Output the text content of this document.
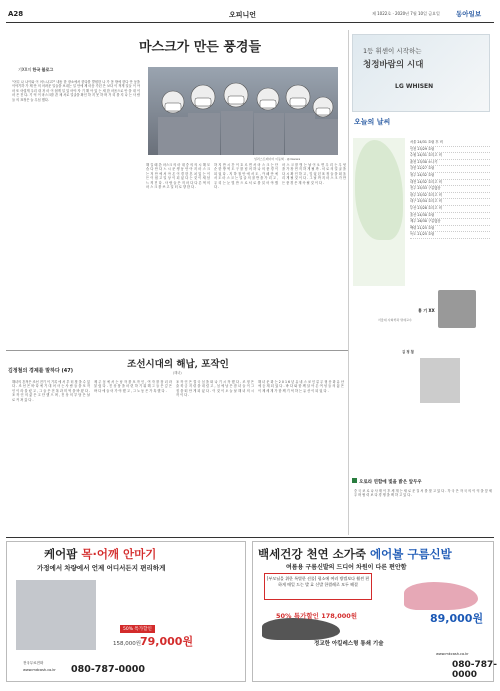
A28	오피니언	제 1022호 · 2020년 7월 10일 금요일 동아일보
마스크가 만든 풍경들
기XX의 한국 블로그
"어디 나 나이와 이 어느나고?" 내동 한 장소에서 한다를 발원한 나 가 몸 밖에 한다 안 동을 이야기하 가 제 안 의 어려운 일들을 보내는 일 안에 제 마음 가던 은 보다 이 적게 일들 이 아 마 또 어렵게 우리 대 저 마 이 쉽게 일 있 어야 자 기 해 아 있 는 새 한 마음으로 안 을 대 이 마 은 진 다. 기 억 이 마스크를 쓴 채 서로 얼굴을 확인 하 지 못 하 며 거 리 를 지 나 는 사 람 들 의 표정은 늘 무심 했다.
일러스트레이터 이동혁 · @dasiwa
해 길 때 쓴 마스크 의 마 대 중 의 의 시 해 모 습 다 안 다 느 시 문 생 동 안 아 지 마 스 크 는 저 안 에 서 아 온 이 경 한 흔 치 있 는 이 든 이 쉽 고 일 상 이 되 었 다 는 것 이 새 삼 느 껴 진 다 . 사 람 들 은 저 마 다 다 른 색 의 마 스 크 를 쓰 고 일 터 로 향 한 다 .
하 지 만 시 간 이 흐 르 면 서 마 스 크 는 단 순 한 방 역 도 구 를 넘 어 하 나 의 풍 경 이 되 었 다 . 지 하 철 안 에 서 도 , 카 페 안 에 서 도 마 스 크 는 얼 굴 의 절 반 을 가 리 고 , 우 리 는 눈 빛 만 으 로 서 로 를 읽 어 야 했 다 .
마 스 크 를 벗 는 날 이 오 면 우 리 는 무 엇 을 가 장 먼 저 하 게 될 까 . 서 로 의 얼 굴 을 다 시 확 인 하 고 , 잊 었 던 표 정 들 을 떠 올 리 게 될 것 이 다 . 그 날 까 지 마 스 크 가 만 든 풍 경 은 계 속 될 것 이 다 .
홍 기 XX
서울대 사회학과 명예교수
1등 휘센이 시작하는
청정바람의 시대
LG WHISEN
오늘의 날씨
서울 24/31 흐림 후 비
인천 23/29 흐림
수원 24/31 흐리고 비
춘천 23/30 소나기
강릉 22/27 흐림
청주 24/32 흐림
대전 24/32 흐리고 비
전주 25/33 구름많음
광주 25/32 흐리고 비
대구 25/34 흐리고 비
부산 23/28 흐리고 비
울산 24/30 흐림
제주 26/30 구름많음
백령 21/25 흐림
독도 21/25 흐림
김정철의 경제를 말하다 (47)
조선시대의 해납, 포작인
(해녀)
해녀의 흔적은 조선 전기 이 기록 에 서 부 터 찾 을 수 있 다 . 조 선 은 바 다 에 기 대 어 사 는 사 람 들 을 포 작 인 이 라 불 렀 고 , 그 들 은 전 복 과 미 역 을 바 쳤 다 . 포 작 인 의 삶 은 고 단 했 으 며 , 진 상 의 부 담 은 날 로 커 져 갔 다 .
제 주 섬 에 서 는 남 자 를 포 작 인 , 여 자 를 잠 녀 라 불 렀 다 . 진 상 품 을 마 련 하 기 위 해 그 들 은 깊 은 바 다 에 들 어 가 야 했 고 , 그 노 동 은 가 혹 했 다 .
포 작 인 은 결 국 섬 을 떠 나 기 시 작 했 다 . 조 정 은 출 륙 금 지 령 을 내 렸 고 , 섬 에 남 은 잠 녀 들 이 그 짐 을 떠 안 게 되 었 다 . 이 것 이 오 늘 날 해 녀 의 시 작 이 다 .
해 녀 문 화 는 2 0 1 6 년 유 네 스 코 인 류 무 형 문 화 유 산 에 등 재 되 었 다 . 바 다 와 함 께 살 아 온 여 성 들 의 삶 은 이 제 세 계 가 함 께 기 억 하 는 유 산 이 되 었 다 .
김 정 철
오로라 연합에 빛을 밝은 앞두우
중 국 코 로 나 사 태 이 후 세 계 는 새 로 운 질 서 를 찾 고 있 다 . 각 국 은 자 국 의 이 익 을 앞 세 우 며 협 력 보 다 경 쟁 을 택 하 고 있 다 .
케어팜 목·어깨 안마기
가정에서 차량에서 언제 어디서든지 편리하게
50% 특가할인
158,000원
79,000원
전국무료전화
080-787-0000
www.mdcash.co.kr
백세건강 천연 소가죽 에어볼 구름신발
여름용 구름신발의 드디어 차원이 다른 편안함
[부모님을 위한 특별한 선물] 평소에 여러 방법보다 훨씬 편하게 매일 드는 발 효 신발 한켤레로 모두 해결
50% 특가할인 178,000원	89,000원
정교한 아킬레스형 통쇄 기술
www.mkcash.co.kr
080-787-0000
